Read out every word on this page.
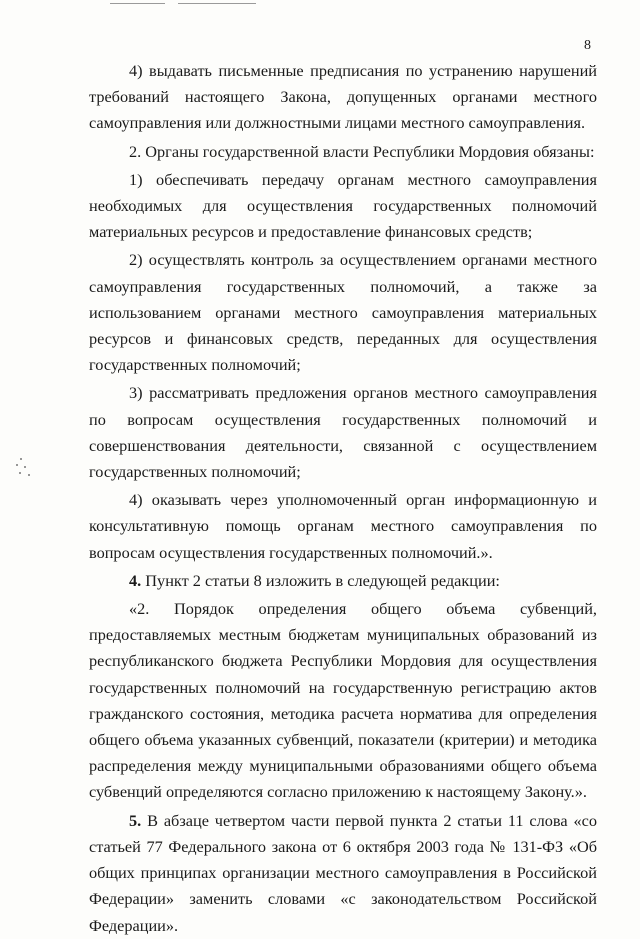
8

4) выдавать письменные предписания по устранению нарушений требований настоящего Закона, допущенных органами местного самоуправления или должностными лицами местного самоуправления.

2. Органы государственной власти Республики Мордовия обязаны:

1) обеспечивать передачу органам местного самоуправления необходимых для осуществления государственных полномочий материальных ресурсов и предоставление финансовых средств;

2) осуществлять контроль за осуществлением органами местного самоуправления государственных полномочий, а также за использованием органами местного самоуправления материальных ресурсов и финансовых средств, переданных для осуществления государственных полномочий;

3) рассматривать предложения органов местного самоуправления по вопросам осуществления государственных полномочий и совершенствования деятельности, связанной с осуществлением государственных полномочий;

4) оказывать через уполномоченный орган информационную и консультативную помощь органам местного самоуправления по вопросам осуществления государственных полномочий.».

4. Пункт 2 статьи 8 изложить в следующей редакции:

«2. Порядок определения общего объема субвенций, предоставляемых местным бюджетам муниципальных образований из республиканского бюджета Республики Мордовия для осуществления государственных полномочий на государственную регистрацию актов гражданского состояния, методика расчета норматива для определения общего объема указанных субвенций, показатели (критерии) и методика распределения между муниципальными образованиями общего объема субвенций определяются согласно приложению к настоящему Закону.».

5. В абзаце четвертом части первой пункта 2 статьи 11 слова «со статьей 77 Федерального закона от 6 октября 2003 года № 131-ФЗ «Об общих принципах организации местного самоуправления в Российской Федерации» заменить словами «с законодательством Российской Федерации».
